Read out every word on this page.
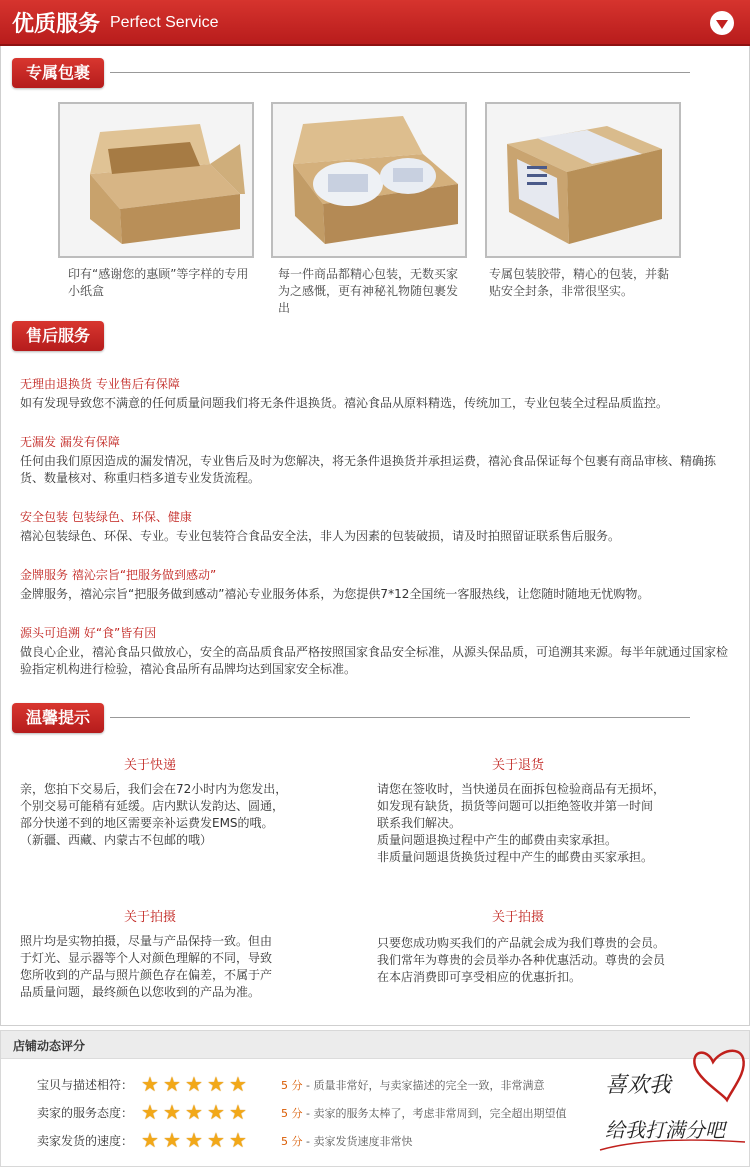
优质服务 Perfect Service
专属包裹
印有“感谢您的惠顾”等字样的专用小纸盒
每一件商品都精心包装，无数买家为之感慨，更有神秘礼物随包裹发出
专属包装胶带，精心的包装，并黏贴安全封条，非常很坚实。
售后服务
无理由退换货 专业售后有保障
如有发现导致您不满意的任何质量问题我们将无条件退换货。禧沁食品从原料精选，传统加工，专业包装全过程品质监控。
无漏发 漏发有保障
任何由我们原因造成的漏发情况，专业售后及时为您解决，将无条件退换货并承担运费，禧沁食品保证每个包裹有商品审核、精确拣货、数量核对、称重归档多道专业发货流程。
安全包装 包装绿色、环保、健康
禧沁包装绿色、环保、专业。专业包装符合食品安全法，非人为因素的包装破损，请及时拍照留证联系售后服务。
金牌服务 禧沁宗旨“把服务做到感动”
金牌服务，禧沁宗旨“把服务做到感动”禧沁专业服务体系，为您提供7*12全国统一客服热线，让您随时随地无忧购物。
源头可追溯 好“食”皆有因
做良心企业，禧沁食品只做放心，安全的高品质食品严格按照国家食品安全标准，从源头保品质，可追溯其来源。每半年就通过国家检验指定机构进行检验，禧沁食品所有品牌均达到国家安全标准。
温馨提示
关于快递

亲，您拍下交易后，我们会在72小时内为您发出，

个别交易可能稍有延缓。店内默认发韵达、圆通，

部分快递不到的地区需要亲补运费发EMS的哦。

（新疆、西藏、内蒙古不包邮的哦）

关于退货

请您在签收时，当快递员在面拆包检验商品有无损坏，

如发现有缺货，损货等问题可以拒绝签收并第一时间

联系我们解决。

质量问题退换过程中产生的邮费由卖家承担。

非质量问题退货换货过程中产生的邮费由买家承担。

关于拍摄

照片均是实物拍摄，尽量与产品保持一致。但由

于灯光、显示器等个人对颜色理解的不同，导致

您所收到的产品与照片颜色存在偏差，不属于产

品质量问题，最终颜色以您收到的产品为准。

关于拍摄

只要您成功购买我们的产品就会成为我们尊贵的会员。

我们常年为尊贵的会员举办各种优惠活动。尊贵的会员

在本店消费即可享受相应的优惠折扣。

店铺动态评分
宝贝与描述相符： ★ ★ ★ ★ ★	5 分 - 质量非常好，与卖家描述的完全一致，非常满意
卖家的服务态度： ★ ★ ★ ★ ★	5 分 - 卖家的服务太棒了，考虑非常周到，完全超出期望值
卖家发货的速度： ★ ★ ★ ★ ★	5 分 - 卖家发货速度非常快
喜欢我
给我打满分吧
